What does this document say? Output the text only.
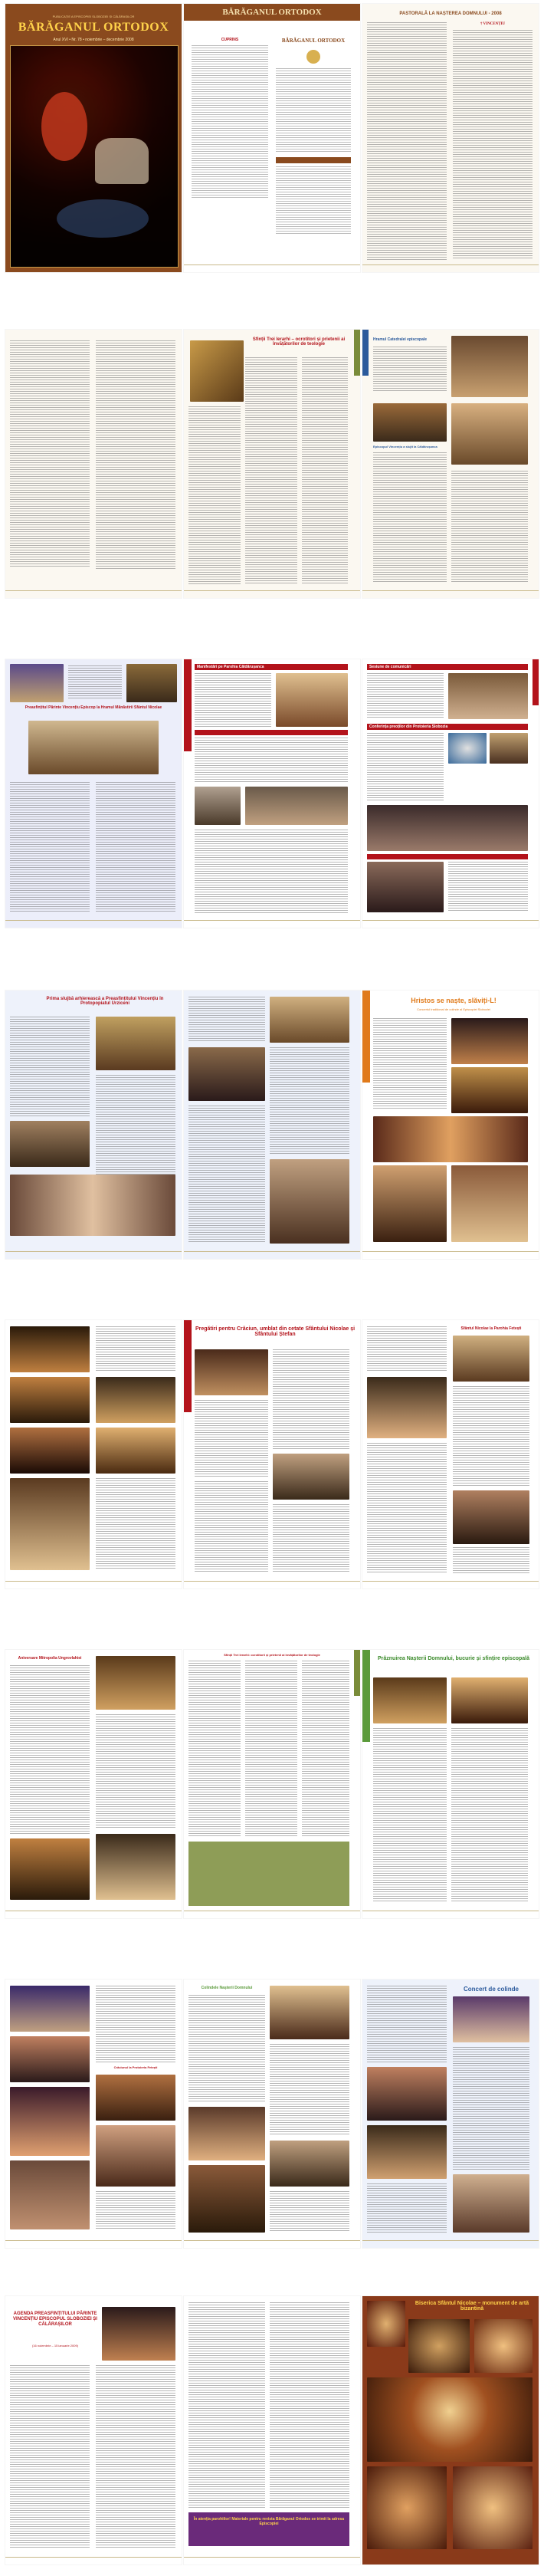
PUBLICAȚIE A EPISCOPIEI SLOBOZIEI ȘI CĂLĂRAȘILOR
BĂRĂGANUL ORTODOX
Anul XVI • Nr. 78 • noiembrie – decembrie 2008
BĂRĂGANUL ORTODOX
CUPRINS	BĂRĂGANUL ORTODOX
PASTORALĂ LA NAȘTEREA DOMNULUI - 2008
† VINCENȚIU
Sfinții Trei Ierarhi – ocrotitori și prietenii ai învățătorilor de teologie
Hramul Catedralei episcopale
Episcopul Vincențiu a slujit la Căldărușanca
Preasfințitul Părinte Vincențiu Episcop la Hramul Mănăstirii Sfântul Nicolae
Manifestări pe Parohia Căldărușanca	Sesiune de comunicări
Conferința preoților din Protoieria Slobozia
Prima slujbă arhierească a Preasfințitului Vincențiu în Protopopiatul Urziceni	Hristos se naște, slăviți-L!
Concertul tradițional de colinde al Episcopiei Sloboziei
Pregătiri pentru Crăciun, umblat din cetate Sfântului Nicolae și Sfântului Ștefan
Sfântul Nicolae la Parohia Fetești
Aniversare Mitropolia Ungrovlahiei
Sfinții Trei Ierarhi: ocrotitorii și prietenii ai învățătorilor de teologie
Prăznuirea Nașterii Domnului, bucurie și sfințire episcopală
Crăciunul la Protoieria Fetești
Colindele Naşterii Domnului	Concert de colinde
AGENDA PREASFINȚITULUI PĂRINTE VINCENȚIU EPISCOPUL SLOBOZIEI ȘI CĂLĂRAȘILOR
(16 noiembrie – 15 ianuarie 2009)
În atenția parohiilor! Materiale pentru revista Bărăganul Ortodox se trimit la adresa Episcopiei
Biserica Sfântul Nicolae – monument de artă bizantină
